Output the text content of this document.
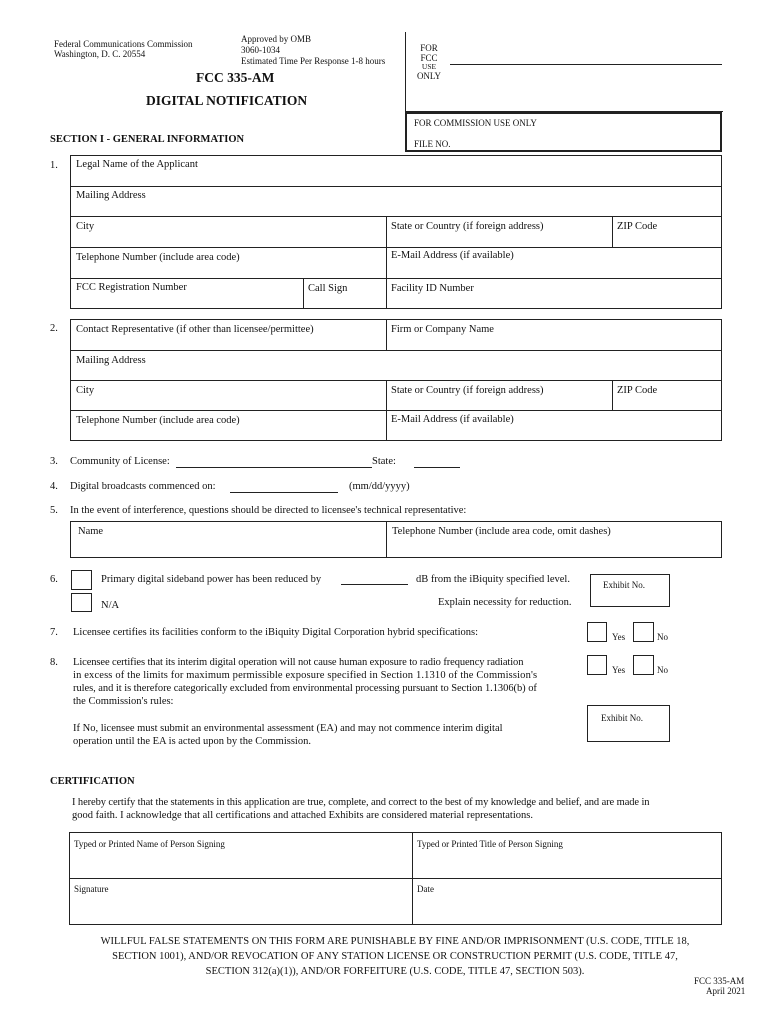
Federal Communications Commission
Washington, D. C. 20554
Approved by OMB
3060-1034
Estimated Time Per Response 1-8 hours
FCC 335-AM
DIGITAL NOTIFICATION
FOR
FCC
USE
ONLY
FOR COMMISSION USE ONLY
FILE NO.
SECTION I - GENERAL INFORMATION
1. Legal Name of the Applicant
Mailing Address
City	State or Country (if foreign address)	ZIP Code
Telephone Number (include area code)	E-Mail Address (if available)
FCC Registration Number	Call Sign	Facility ID Number
2. Contact Representative (if other than licensee/permittee)	Firm or Company Name
Mailing Address
City	State or Country (if foreign address)	ZIP Code
Telephone Number (include area code)	E-Mail Address (if available)
3. Community of License:	State:
4. Digital broadcasts commenced on:	(mm/dd/yyyy)
5. In the event of interference, questions should be directed to licensee's technical representative:
Name	Telephone Number (include area code, omit dashes)
6.	Primary digital sideband power has been reduced by	dB from the iBiquity specified level.
N/A	Explain necessity for reduction.
Exhibit No.
7. Licensee certifies its facilities conform to the iBiquity Digital Corporation hybrid specifications:	Yes	No
8. Licensee certifies that its interim digital operation will not cause human exposure to radio frequency radiation
in excess of the limits for maximum permissible exposure specified in Section 1.1310 of the Commission's
rules, and it is therefore categorically excluded from environmental processing pursuant to Section 1.1306(b) of
the Commission's rules:
Yes	No
If No, licensee must submit an environmental assessment (EA) and may not commence interim digital
operation until the EA is acted upon by the Commission.
Exhibit No.
CERTIFICATION
I hereby certify that the statements in this application are true, complete, and correct to the best of my knowledge and belief, and are made in
good faith. I acknowledge that all certifications and attached Exhibits are considered material representations.
Typed or Printed Name of Person Signing	Typed or Printed Title of Person Signing
Signature	Date
WILLFUL FALSE STATEMENTS ON THIS FORM ARE PUNISHABLE BY FINE AND/OR IMPRISONMENT (U.S. CODE, TITLE 18,
SECTION 1001), AND/OR REVOCATION OF ANY STATION LICENSE OR CONSTRUCTION PERMIT (U.S. CODE, TITLE 47,
SECTION 312(a)(1)), AND/OR FORFEITURE (U.S. CODE, TITLE 47, SECTION 503).
FCC 335-AM
April 2021
